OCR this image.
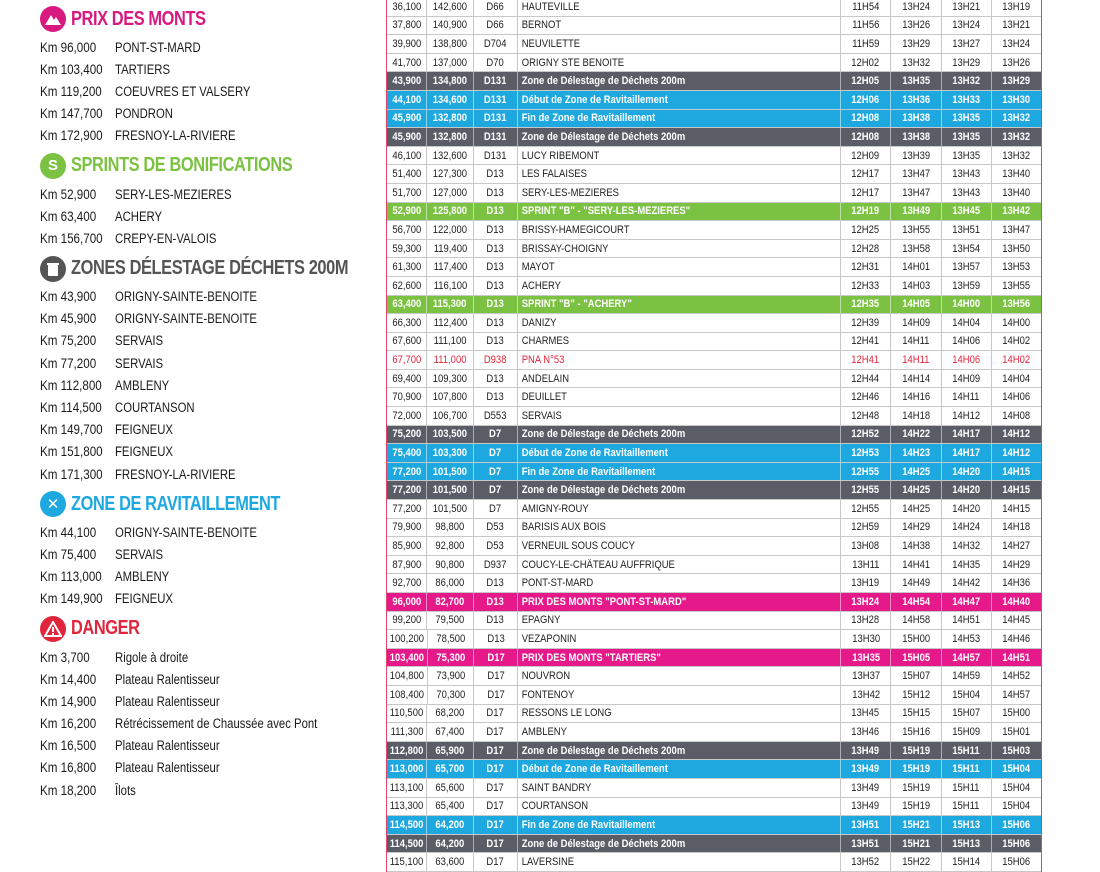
PRIX DES MONTS
Km 96,000	PONT-ST-MARD
Km 103,400 TARTIERS
Km 119,200 COEUVRES ET VALSERY
Km 147,700 PONDRON
Km 172,900 FRESNOY-LA-RIVIERE
S SPRINTS DE BONIFICATIONS
Km 52,900	SERY-LES-MEZIERES
Km 63,400	ACHERY
Km 156,700 CREPY-EN-VALOIS
ZONES DÉLESTAGE DÉCHETS 200M
Km 43,900	ORIGNY-SAINTE-BENOITE
Km 45,900	ORIGNY-SAINTE-BENOITE
Km 75,200	SERVAIS
Km 77,200	SERVAIS
Km 112,800 AMBLENY
Km 114,500 COURTANSON
Km 149,700 FEIGNEUX
Km 151,800 FEIGNEUX
Km 171,300 FRESNOY-LA-RIVIERE
✕ ZONE DE RAVITAILLEMENT
Km 44,100	ORIGNY-SAINTE-BENOITE
Km 75,400	SERVAIS
Km 113,000 AMBLENY
Km 149,900 FEIGNEUX
DANGER
Km 3,700	Rigole à droite
Km 14,400	Plateau Ralentisseur
Km 14,900	Plateau Ralentisseur
Km 16,200	Rétrécissement de Chaussée avec Pont
Km 16,500	Plateau Ralentisseur
Km 16,800	Plateau Ralentisseur
Km 18,200	Îlots
36,100 142,600 D66 HAUTEVILLE	11H54 13H24 13H21 13H19
37,800 140,900 D66 BERNOT	11H56 13H26 13H24 13H21
39,900 138,800 D704 NEUVILETTE	11H59 13H29 13H27 13H24
41,700 137,000 D70 ORIGNY STE BENOITE	12H02 13H32 13H29 13H26
43,900 134,800 D131 Zone de Délestage de Déchets 200m	12H05 13H35 13H32 13H29
44,100 134,600 D131 Début de Zone de Ravitaillement	12H06 13H36 13H33 13H30
45,900 132,800 D131 Fin de Zone de Ravitaillement	12H08 13H38 13H35 13H32
45,900 132,800 D131 Zone de Délestage de Déchets 200m	12H08 13H38 13H35 13H32
46,100 132,600 D131 LUCY RIBEMONT	12H09 13H39 13H35 13H32
51,400 127,300 D13 LES FALAISES	12H17 13H47 13H43 13H40
51,700 127,000 D13 SERY-LES-MEZIERES	12H17 13H47 13H43 13H40
52,900 125,800 D13 SPRINT "B" - "SERY-LES-MEZIERES"	12H19 13H49 13H45 13H42
56,700 122,000 D13 BRISSY-HAMEGICOURT	12H25 13H55 13H51 13H47
59,300 119,400 D13 BRISSAY-CHOIGNY	12H28 13H58 13H54 13H50
61,300 117,400 D13 MAYOT	12H31 14H01 13H57 13H53
62,600 116,100 D13 ACHERY	12H33 14H03 13H59 13H55
63,400 115,300 D13 SPRINT "B" - "ACHERY"	12H35 14H05 14H00 13H56
66,300 112,400 D13 DANIZY	12H39 14H09 14H04 14H00
67,600 111,100 D13 CHARMES	12H41 14H11 14H06 14H02
67,700 111,000 D938 PNA N°53	12H41 14H11 14H06 14H02
69,400 109,300 D13 ANDELAIN	12H44 14H14 14H09 14H04
70,900 107,800 D13 DEUILLET	12H46 14H16 14H11 14H06
72,000 106,700 D553 SERVAIS	12H48 14H18 14H12 14H08
75,200 103,500 D7 Zone de Délestage de Déchets 200m	12H52 14H22 14H17 14H12
75,400 103,300 D7 Début de Zone de Ravitaillement	12H53 14H23 14H17 14H12
77,200 101,500 D7 Fin de Zone de Ravitaillement	12H55 14H25 14H20 14H15
77,200 101,500 D7 Zone de Délestage de Déchets 200m	12H55 14H25 14H20 14H15
77,200 101,500 D7 AMIGNY-ROUY	12H55 14H25 14H20 14H15
79,900 98,800 D53 BARISIS AUX BOIS	12H59 14H29 14H24 14H18
85,900 92,800 D53 VERNEUIL SOUS COUCY	13H08 14H38 14H32 14H27
87,900 90,800 D937 COUCY-LE-CHÂTEAU AUFFRIQUE	13H11 14H41 14H35 14H29
92,700 86,000 D13 PONT-ST-MARD	13H19 14H49 14H42 14H36
96,000 82,700 D13 PRIX DES MONTS "PONT-ST-MARD"	13H24 14H54 14H47 14H40
99,200 79,500 D13 EPAGNY	13H28 14H58 14H51 14H45
100,200 78,500 D13 VEZAPONIN	13H30 15H00 14H53 14H46
103,400 75,300 D17 PRIX DES MONTS "TARTIERS"	13H35 15H05 14H57 14H51
104,800 73,900 D17 NOUVRON	13H37 15H07 14H59 14H52
108,400 70,300 D17 FONTENOY	13H42 15H12 15H04 14H57
110,500 68,200 D17 RESSONS LE LONG	13H45 15H15 15H07 15H00
111,300 67,400 D17 AMBLENY	13H46 15H16 15H09 15H01
112,800 65,900 D17 Zone de Délestage de Déchets 200m	13H49 15H19 15H11 15H03
113,000 65,700 D17 Début de Zone de Ravitaillement	13H49 15H19 15H11 15H04
113,100 65,600 D17 SAINT BANDRY	13H49 15H19 15H11 15H04
113,300 65,400 D17 COURTANSON	13H49 15H19 15H11 15H04
114,500 64,200 D17 Fin de Zone de Ravitaillement	13H51 15H21 15H13 15H06
114,500 64,200 D17 Zone de Délestage de Déchets 200m	13H51 15H21 15H13 15H06
115,100 63,600 D17 LAVERSINE	13H52 15H22 15H14 15H06
